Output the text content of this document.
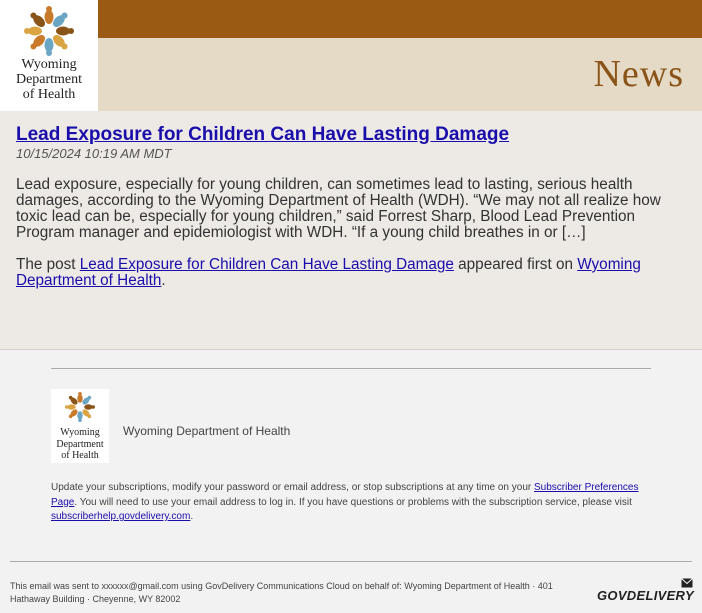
Wyoming
Department
of Health	News
Lead Exposure for Children Can Have Lasting Damage
10/15/2024 10:19 AM MDT
Lead exposure, especially for young children, can sometimes lead to lasting, serious health damages, according to the Wyoming Department of Health (WDH). “We may not all realize how toxic lead can be, especially for young children,” said Forrest Sharp, Blood Lead Prevention Program manager and epidemiologist with WDH. “If a young child breathes in or […]
The post Lead Exposure for Children Can Have Lasting Damage appeared first on Wyoming Department of Health.
Wyoming
Department
of Health
Wyoming Department of Health
Update your subscriptions, modify your password or email address, or stop subscriptions at any time on your Subscriber Preferences Page. You will need to use your email address to log in. If you have questions or problems with the subscription service, please visit subscriberhelp.govdelivery.com.
This email was sent to xxxxxx@gmail.com using GovDelivery Communications Cloud on behalf of: Wyoming Department of Health · 401 Hathaway Building · Cheyenne, WY 82002	GOVDELIVERY
